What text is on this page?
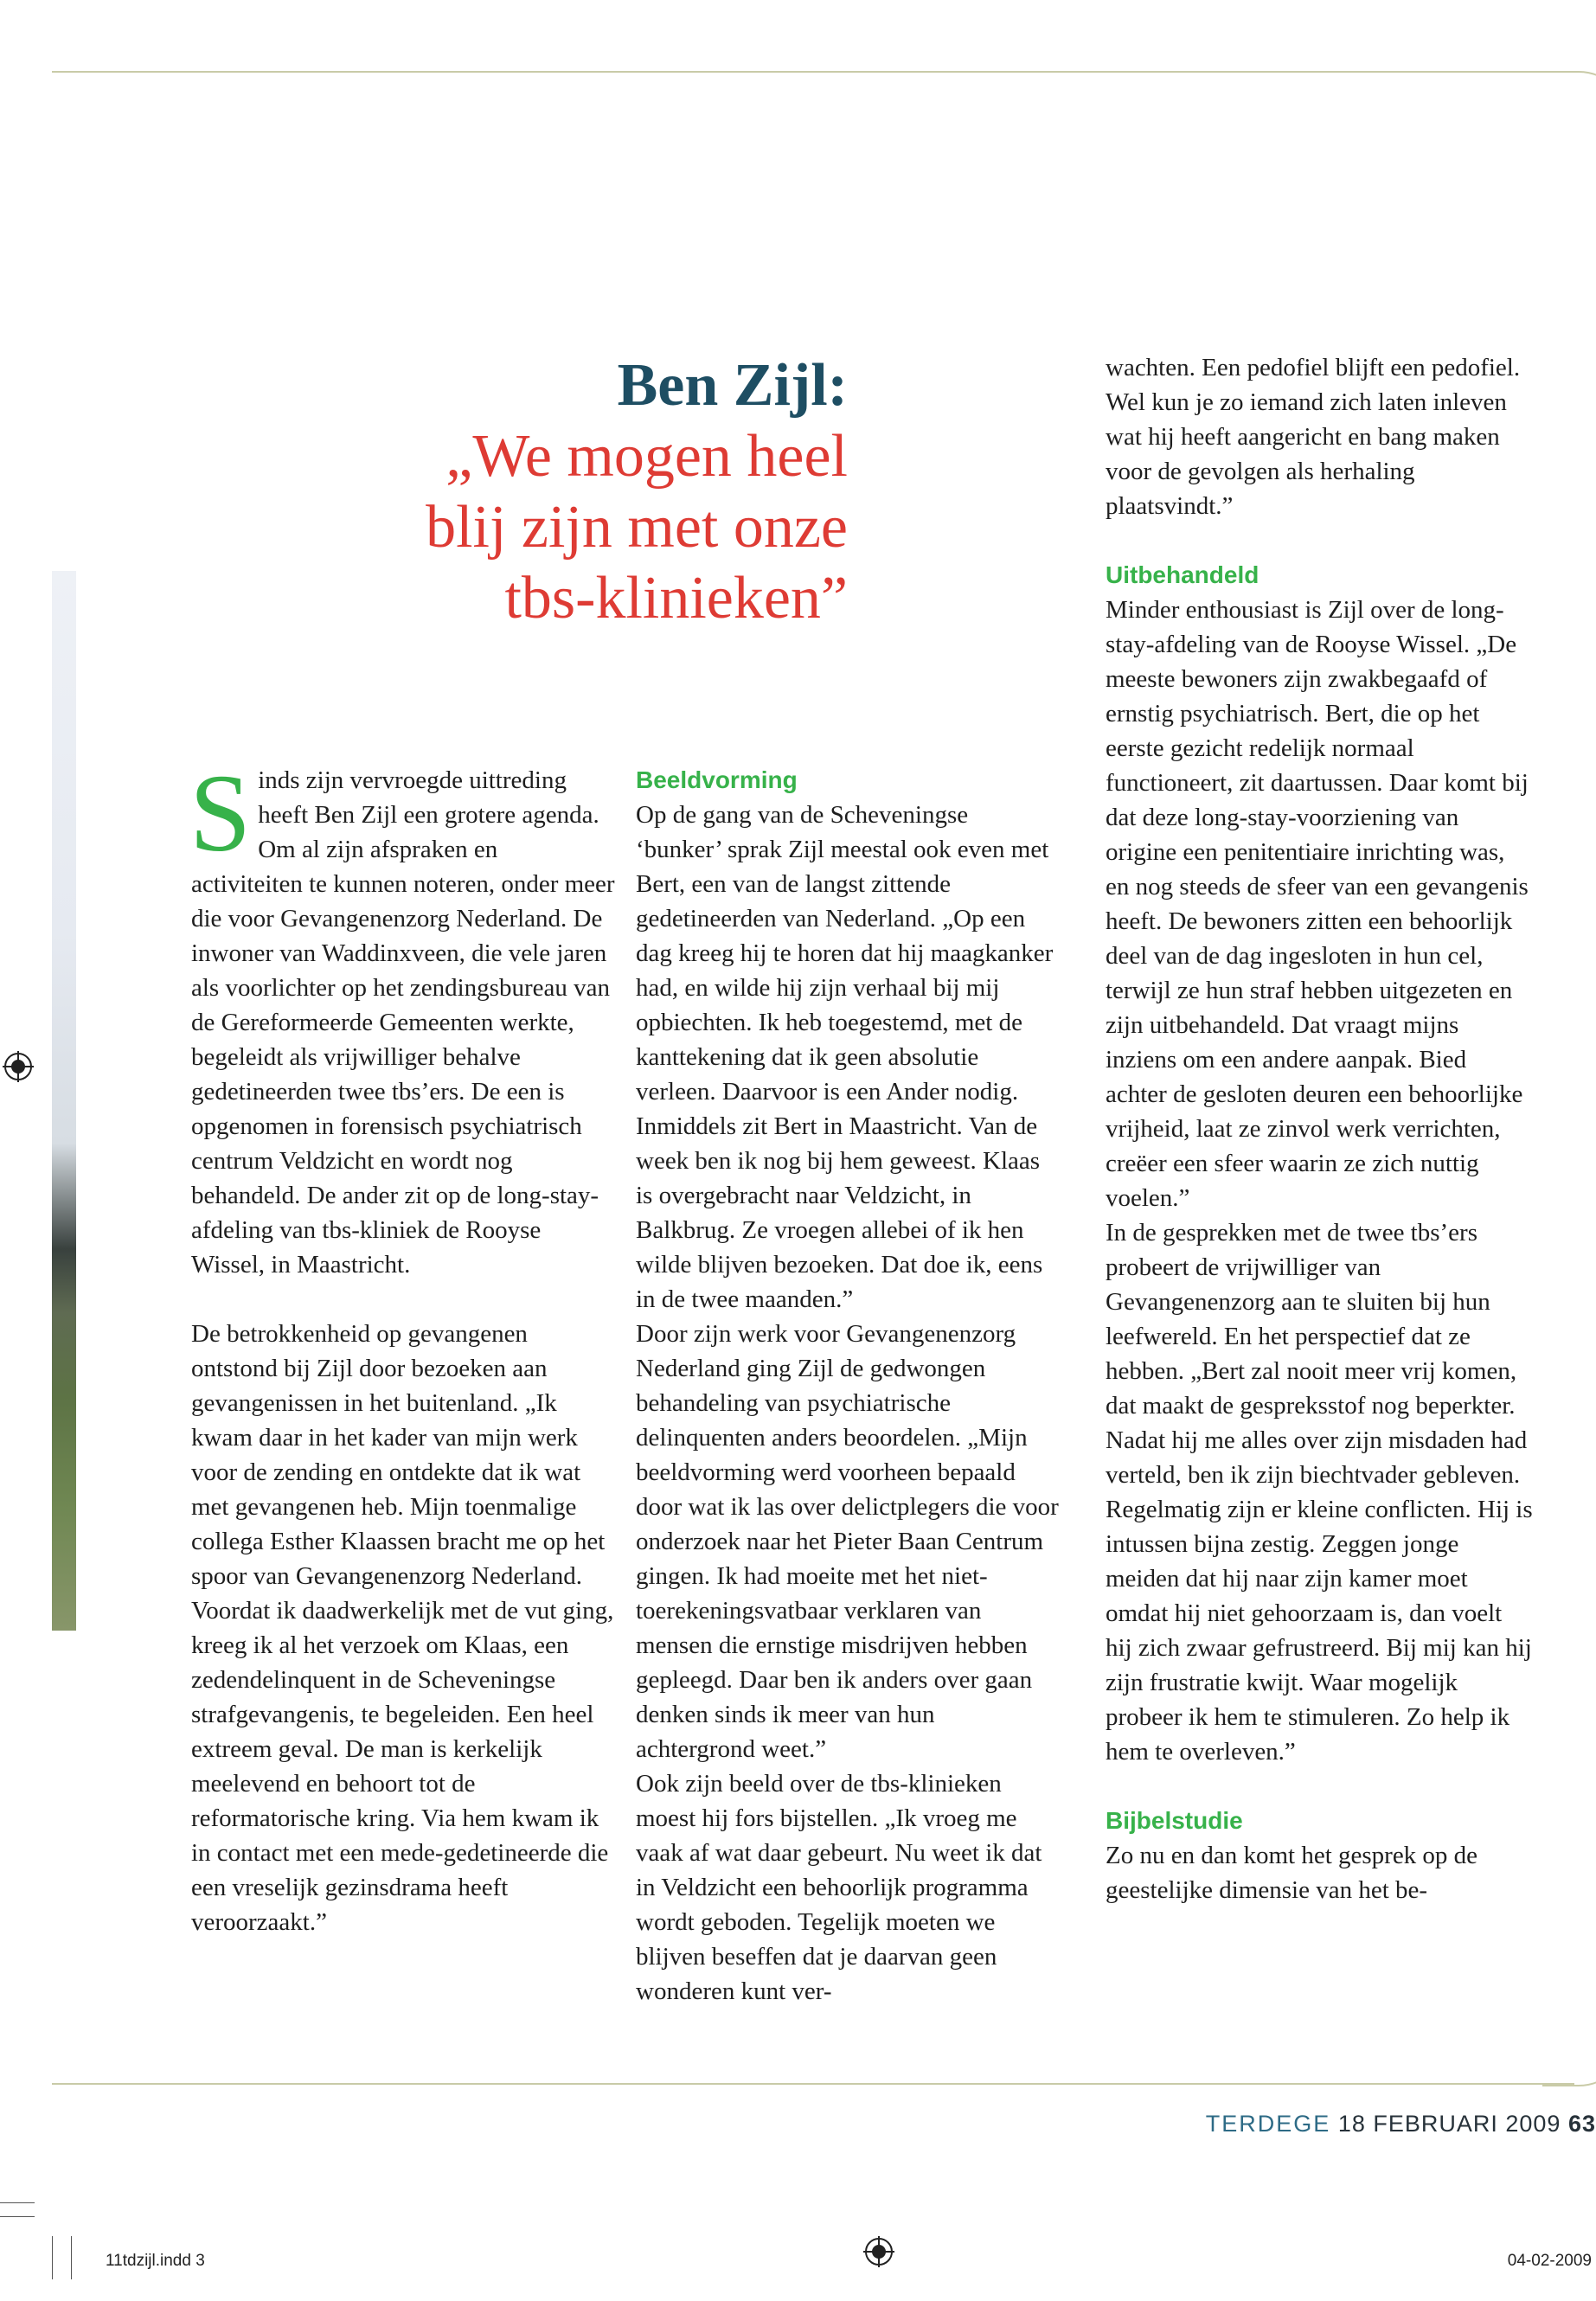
Ben Zijl:
„We mogen heel
blij zijn met onze
tbs-klinieken”

Sinds zijn vervroegde uittreding heeft Ben Zijl een grotere agenda. Om al zijn afspraken en activiteiten te kunnen noteren, onder meer die voor Gevangenenzorg Nederland. De inwoner van Waddinxveen, die vele jaren als voorlichter op het zendingsbureau van de Gereformeerde Gemeenten werkte, begeleidt als vrijwilliger behalve gedetineerden twee tbs’ers. De een is opgenomen in forensisch psychiatrisch centrum Veldzicht en wordt nog behandeld. De ander zit op de long-stay-afdeling van tbs-kliniek de Rooyse Wissel, in Maastricht.

De betrokkenheid op gevangenen ontstond bij Zijl door bezoeken aan gevangenissen in het buitenland. „Ik kwam daar in het kader van mijn werk voor de zending en ontdekte dat ik wat met gevangenen heb. Mijn toenmalige collega Esther Klaassen bracht me op het spoor van Gevangenenzorg Nederland. Voordat ik daadwerkelijk met de vut ging, kreeg ik al het verzoek om Klaas, een zedendelinquent in de Scheveningse strafgevangenis, te begeleiden. Een heel extreem geval. De man is kerkelijk meelevend en behoort tot de reformatorische kring. Via hem kwam ik in contact met een mede-gedetineerde die een vreselijk gezinsdrama heeft veroorzaakt.”

Beeldvorming

Op de gang van de Scheveningse ‘bunker’ sprak Zijl meestal ook even met Bert, een van de langst zittende gedetineerden van Nederland. „Op een dag kreeg hij te horen dat hij maagkanker had, en wilde hij zijn verhaal bij mij opbiechten. Ik heb toegestemd, met de kanttekening dat ik geen absolutie verleen. Daarvoor is een Ander nodig. Inmiddels zit Bert in Maastricht. Van de week ben ik nog bij hem geweest. Klaas is overgebracht naar Veldzicht, in Balkbrug. Ze vroegen allebei of ik hen wilde blijven bezoeken. Dat doe ik, eens in de twee maanden.”

Door zijn werk voor Gevangenenzorg Nederland ging Zijl de gedwongen behandeling van psychiatrische delinquenten anders beoordelen. „Mijn beeldvorming werd voorheen bepaald door wat ik las over delictplegers die voor onderzoek naar het Pieter Baan Centrum gingen. Ik had moeite met het niet-toerekeningsvatbaar verklaren van mensen die ernstige misdrijven hebben gepleegd. Daar ben ik anders over gaan denken sinds ik meer van hun achtergrond weet.”

Ook zijn beeld over de tbs-klinieken moest hij fors bijstellen. „Ik vroeg me vaak af wat daar gebeurt. Nu weet ik dat in Veldzicht een behoorlijk programma wordt geboden. Tegelijk moeten we blijven beseffen dat je daarvan geen wonderen kunt ver-

wachten. Een pedofiel blijft een pedofiel. Wel kun je zo iemand zich laten inleven wat hij heeft aangericht en bang maken voor de gevolgen als herhaling plaatsvindt.”

Uitbehandeld

Minder enthousiast is Zijl over de long-stay-afdeling van de Rooyse Wissel. „De meeste bewoners zijn zwakbegaafd of ernstig psychiatrisch. Bert, die op het eerste gezicht redelijk normaal functioneert, zit daartussen. Daar komt bij dat deze long-stay-voorziening van origine een penitentiaire inrichting was, en nog steeds de sfeer van een gevangenis heeft. De bewoners zitten een behoorlijk deel van de dag ingesloten in hun cel, terwijl ze hun straf hebben uitgezeten en zijn uitbehandeld. Dat vraagt mijns inziens om een andere aanpak. Bied achter de gesloten deuren een behoorlijke vrijheid, laat ze zinvol werk verrichten, creëer een sfeer waarin ze zich nuttig voelen.”

In de gesprekken met de twee tbs’ers probeert de vrijwilliger van Gevangenenzorg aan te sluiten bij hun leefwereld. En het perspectief dat ze hebben. „Bert zal nooit meer vrij komen, dat maakt de gespreksstof nog beperkter. Nadat hij me alles over zijn misdaden had verteld, ben ik zijn biechtvader gebleven. Regelmatig zijn er kleine conflicten. Hij is intussen bijna zestig. Zeggen jonge meiden dat hij naar zijn kamer moet omdat hij niet gehoorzaam is, dan voelt hij zich zwaar gefrustreerd. Bij mij kan hij zijn frustratie kwijt. Waar mogelijk probeer ik hem te stimuleren. Zo help ik hem te overleven.”

Bijbelstudie

Zo nu en dan komt het gesprek op de geestelijke dimensie van het be-

TERDEGE 18 FEBRUARI 2009 63
11tdzijl.indd 3	04-02-2009
